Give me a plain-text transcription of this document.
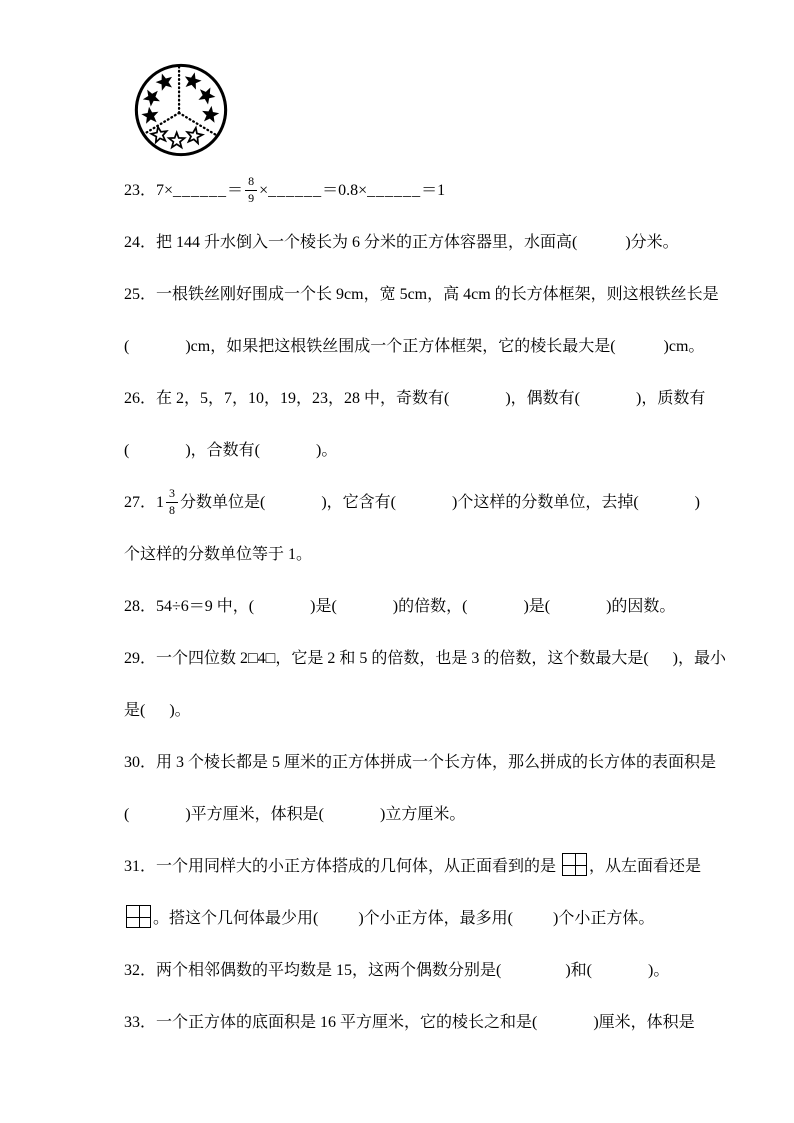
23．7×______＝ $\frac{8}{9}$ ×______＝0.8×______＝1
24．把 144 升水倒入一个棱长为 6 分米的正方体容器里，水面高(            )分米。
25．一根铁丝刚好围成一个长 9cm，宽 5cm，高 4cm 的长方体框架，则这根铁丝长是
(              )cm，如果把这根铁丝围成一个正方体框架，它的棱长最大是(            )cm。
26．在 2，5，7，10，19，23，28 中，奇数有(              )，偶数有(              )，质数有
(              )，合数有(              )。
27．$1 \frac{3}{8}$ 分数单位是(              )，它含有(              )个这样的分数单位，去掉(              )
个这样的分数单位等于 1。
28．54÷6＝9 中，(              )是(              )的倍数，(              )是(              )的因数。
29．一个四位数 2□4□，它是 2 和 5 的倍数，也是 3 的倍数，这个数最大是(      )，最小
是(      )。
30．用 3 个棱长都是 5 厘米的正方体拼成一个长方体，那么拼成的长方体的表面积是
(              )平方厘米，体积是(              )立方厘米。
31．一个用同样大的小正方体搭成的几何体，从正面看到的是 ，从左面看还是
。搭这个几何体最少用(          )个小正方体，最多用(          )个小正方体。
32．两个相邻偶数的平均数是 15，这两个偶数分别是(                )和(              )。
33．一个正方体的底面积是 16 平方厘米，它的棱长之和是(              )厘米，体积是
